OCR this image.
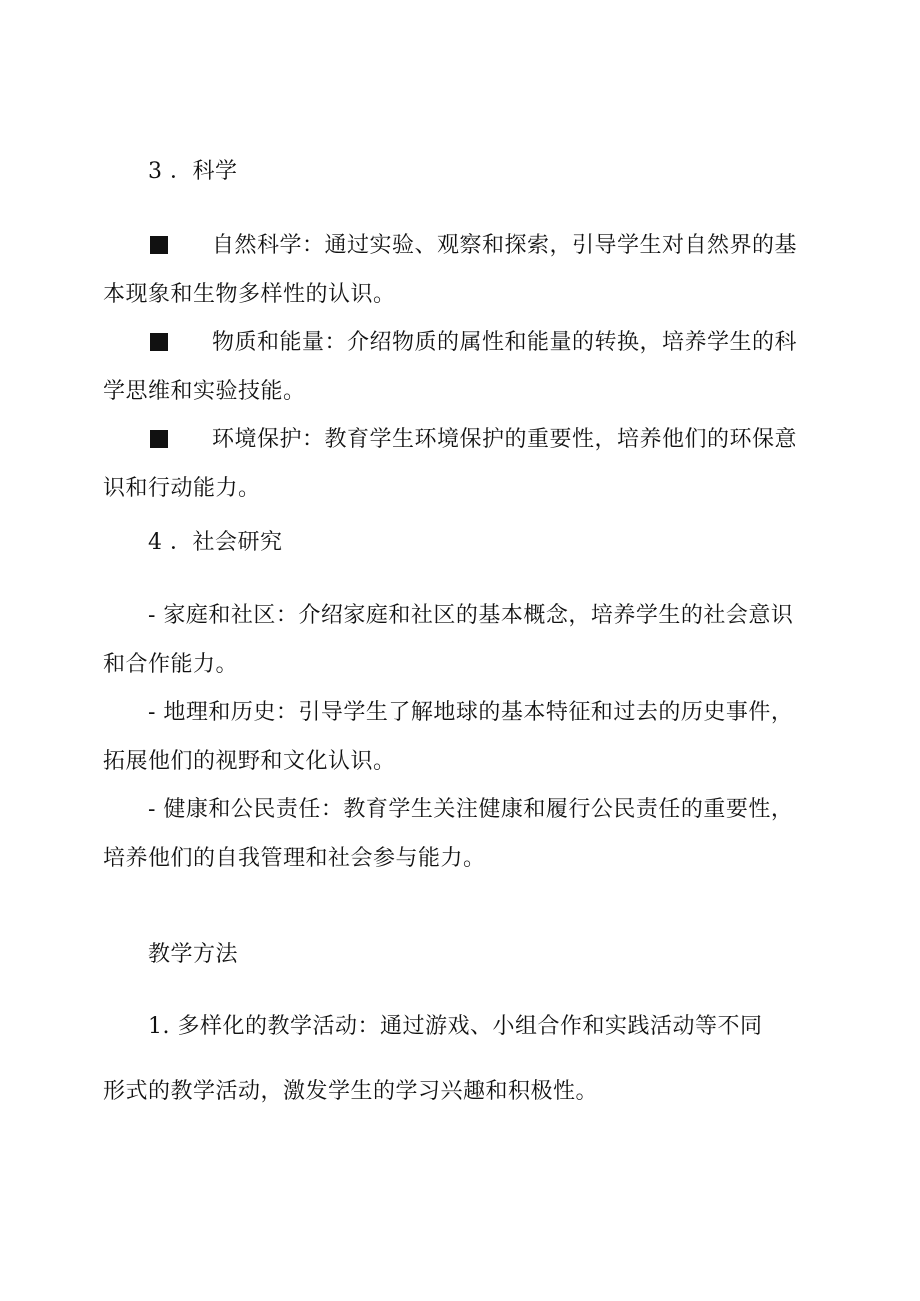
3 ．科学
自然科学：通过实验、观察和探索，引导学生对自然界的基
本现象和生物多样性的认识。
物质和能量：介绍物质的属性和能量的转换，培养学生的科
学思维和实验技能。
环境保护：教育学生环境保护的重要性，培养他们的环保意
识和行动能力。
4 ．社会研究
- 家庭和社区：介绍家庭和社区的基本概念，培养学生的社会意识
和合作能力。
- 地理和历史：引导学生了解地球的基本特征和过去的历史事件，
拓展他们的视野和文化认识。
- 健康和公民责任：教育学生关注健康和履行公民责任的重要性，
培养他们的自我管理和社会参与能力。
教学方法
1. 多样化的教学活动：通过游戏、小组合作和实践活动等不同
形式的教学活动，激发学生的学习兴趣和积极性。
